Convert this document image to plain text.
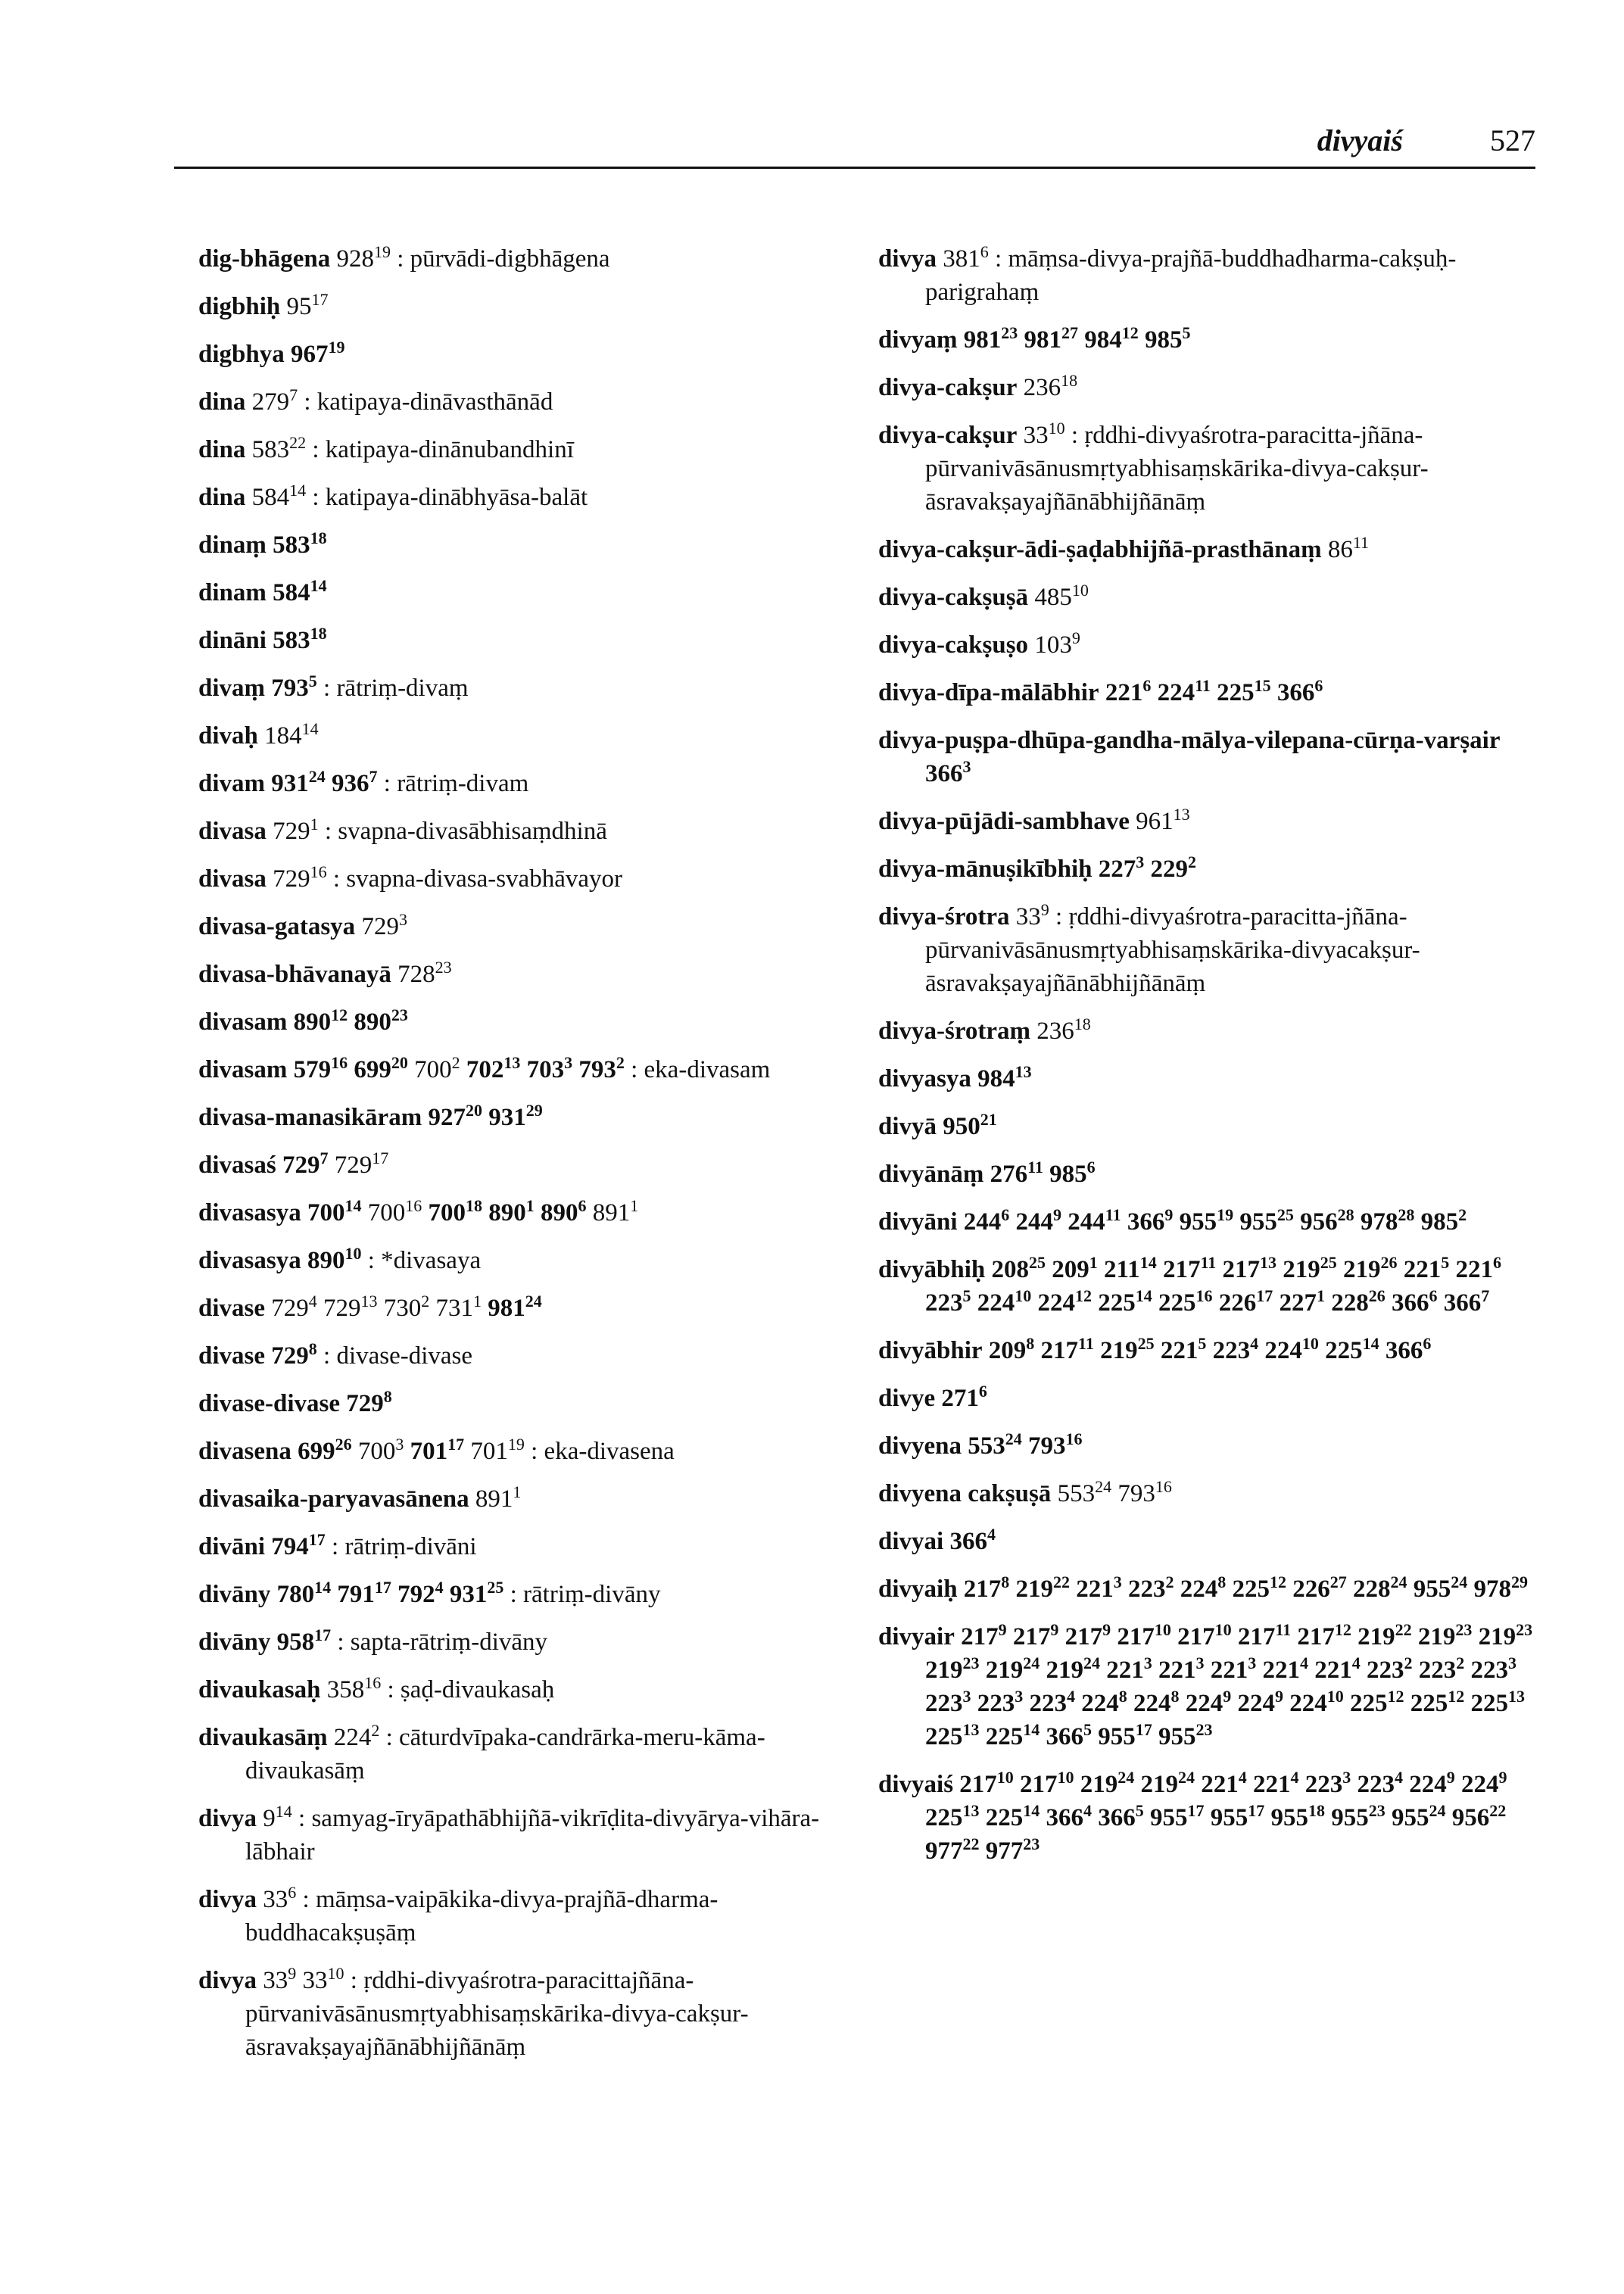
divyaiś	527
dig-bhāgena $928^{19}$ : pūrvādi-digbhāgena
digbhiḥ $95^{17}$
digbhya $967^{19}$
dina $279^7$ : katipaya-dināvasthānād
dina $583^{22}$ : katipaya-dinānubandhinī
dina $584^{14}$ : katipaya-dinābhyāsa-balāt
dinaṃ $583^{18}$
dinam $584^{14}$
dināni $583^{18}$
divaṃ $793^5$ : rātriṃ-divaṃ
divaḥ $184^{14}$
divam $931^{24}$ $936^7$ : rātriṃ-divam
divasa $729^1$ : svapna-divasābhisaṃdhinā
divasa $729^{16}$ : svapna-divasa-svabhāvayor
divasa-gatasya $729^3$
divasa-bhāvanayā $728^{23}$
divasam $890^{12}$ $890^{23}$
divasam $579^{16}$ $699^{20}$ $700^2$ $702^{13}$ $703^3$ $793^2$ : eka-divasam
divasa-manasikāram $927^{20}$ $931^{29}$
divasaś $729^7$ $729^{17}$
divasasya $700^{14}$ $700^{16}$ $700^{18}$ $890^1$ $890^6$ $891^1$
divasasya $890^{10}$ : *divasaya
divase $729^4$ $729^{13}$ $730^2$ $731^1$ $981^{24}$
divase $729^8$ : divase-divase
divase-divase $729^8$
divasena $699^{26}$ $700^3$ $701^{17}$ $701^{19}$ : eka-divasena
divasaika-paryavasānena $891^1$
divāni $794^{17}$ : rātriṃ-divāni
divāny $780^{14}$ $791^{17}$ $792^4$ $931^{25}$ : rātriṃ-divāny
divāny $958^{17}$ : sapta-rātriṃ-divāny
divaukasaḥ $358^{16}$ : ṣaḍ-divaukasaḥ
divaukasāṃ $224^2$ : cāturdvīpaka-candrārka-meru-kāma-divaukasāṃ
divya $9^{14}$ : samyag-īryāpathābhijñā-vikrīḍita-divyārya-vihāra-lābhair
divya $33^6$ : māṃsa-vaipākika-divya-prajñā-dharma-buddhacakṣuṣāṃ
divya $33^9$ $33^{10}$ : ṛddhi-divyaśrotra-paracittajñāna-pūrvanivāsānusmṛtyabhisaṃskārika-divya-cakṣur-āsravakṣayajñānābhijñānāṃ
divya $381^6$ : māṃsa-divya-prajñā-buddhadharma-cakṣuḥ-parigrahaṃ
divyaṃ $981^{23}$ $981^{27}$ $984^{12}$ $985^5$
divya-cakṣur $236^{18}$
divya-cakṣur $33^{10}$ : ṛddhi-divyaśrotra-paracitta-jñāna-pūrvanivāsānusmṛtyabhisaṃskārika-divya-cakṣur-āsravakṣayajñānābhijñānāṃ
divya-cakṣur-ādi-ṣaḍabhijñā-prasthānaṃ $86^{11}$
divya-cakṣuṣā $485^{10}$
divya-cakṣuṣo $103^9$
divya-dīpa-mālābhir $221^6$ $224^{11}$ $225^{15}$ $366^6$
divya-puṣpa-dhūpa-gandha-mālya-vilepana-cūrṇa-varṣair $366^3$
divya-pūjādi-sambhave $961^{13}$
divya-mānuṣikībhiḥ $227^3$ $229^2$
divya-śrotra $33^9$ : ṛddhi-divyaśrotra-paracitta-jñāna-pūrvanivāsānusmṛtyabhisaṃskārika-divyacakṣur-āsravakṣayajñānābhijñānāṃ
divya-śrotraṃ $236^{18}$
divyasya $984^{13}$
divyā $950^{21}$
divyānāṃ $276^{11}$ $985^6$
divyāni $244^6$ $244^9$ $244^{11}$ $366^9$ $955^{19}$ $955^{25}$ $956^{28}$ $978^{28}$ $985^2$
divyābhiḥ $208^{25}$ $209^1$ $211^{14}$ $217^{11}$ $217^{13}$ $219^{25}$ $219^{26}$ $221^5$ $221^6$ $223^5$ $224^{10}$ $224^{12}$ $225^{14}$ $225^{16}$ $226^{17}$ $227^1$ $228^{26}$ $366^6$ $366^7$
divyābhir $209^8$ $217^{11}$ $219^{25}$ $221^5$ $223^4$ $224^{10}$ $225^{14}$ $366^6$
divye $271^6$
divyena $553^{24}$ $793^{16}$
divyena cakṣuṣā $553^{24}$ $793^{16}$
divyai $366^4$
divyaiḥ $217^8$ $219^{22}$ $221^3$ $223^2$ $224^8$ $225^{12}$ $226^{27}$ $228^{24}$ $955^{24}$ $978^{29}$
divyair $217^9$ $217^9$ $217^9$ $217^{10}$ $217^{10}$ $217^{11}$ $217^{12}$ $219^{22}$ $219^{23}$ $219^{23}$ $219^{23}$ $219^{24}$ $219^{24}$ $221^3$ $221^3$ $221^3$ $221^4$ $221^4$ $223^2$ $223^2$ $223^3$ $223^3$ $223^3$ $223^4$ $224^8$ $224^8$ $224^9$ $224^9$ $224^{10}$ $225^{12}$ $225^{12}$ $225^{13}$ $225^{13}$ $225^{14}$ $366^5$ $955^{17}$ $955^{23}$
divyaiś $217^{10}$ $217^{10}$ $219^{24}$ $219^{24}$ $221^4$ $221^4$ $223^3$ $223^4$ $224^9$ $224^9$ $225^{13}$ $225^{14}$ $366^4$ $366^5$ $955^{17}$ $955^{17}$ $955^{18}$ $955^{23}$ $955^{24}$ $956^{22}$ $977^{22}$ $977^{23}$
